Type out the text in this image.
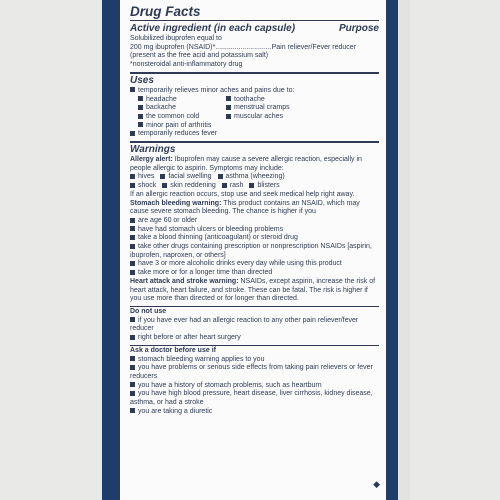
Drug Facts
Active ingredient (in each capsule)	Purpose
Solubilized ibuprofen equal to
200 mg ibuprofen (NSAID)*.............................Pain reliever/Fever reducer
(present as the free acid and potassium salt)
*nonsteroidal anti-inflammatory drug
Uses
temporarily relieves minor aches and pains due to:
headache	toothache
backache	menstrual cramps
the common cold	muscular aches
minor pain of arthritis
temporarily reduces fever
Warnings
Allergy alert: Ibuprofen may cause a severe allergic reaction, especially in people allergic to aspirin. Symptoms may include:
hives	facial swelling	asthma (wheezing)
shock	skin reddening	rash	blisters
If an allergic reaction occurs, stop use and seek medical help right away.
Stomach bleeding warning: This product contains an NSAID, which may cause severe stomach bleeding. The chance is higher if you
are age 60 or older
have had stomach ulcers or bleeding problems
take a blood thinning (anticoagulant) or steroid drug
take other drugs containing prescription or nonprescription NSAIDs [aspirin, ibuprofen, naproxen, or others]
have 3 or more alcoholic drinks every day while using this product
take more or for a longer time than directed
Heart attack and stroke warning: NSAIDs, except aspirin, increase the risk of heart attack, heart failure, and stroke. These can be fatal. The risk is higher if you use more than directed or for longer than directed.
Do not use
if you have ever had an allergic reaction to any other pain reliever/fever reducer
right before or after heart surgery
Ask a doctor before use if
stomach bleeding warning applies to you
you have problems or serious side effects from taking pain relievers or fever reducers
you have a history of stomach problems, such as heartburn
you have high blood pressure, heart disease, liver cirrhosis, kidney disease, asthma, or had a stroke
you are taking a diuretic
◆
